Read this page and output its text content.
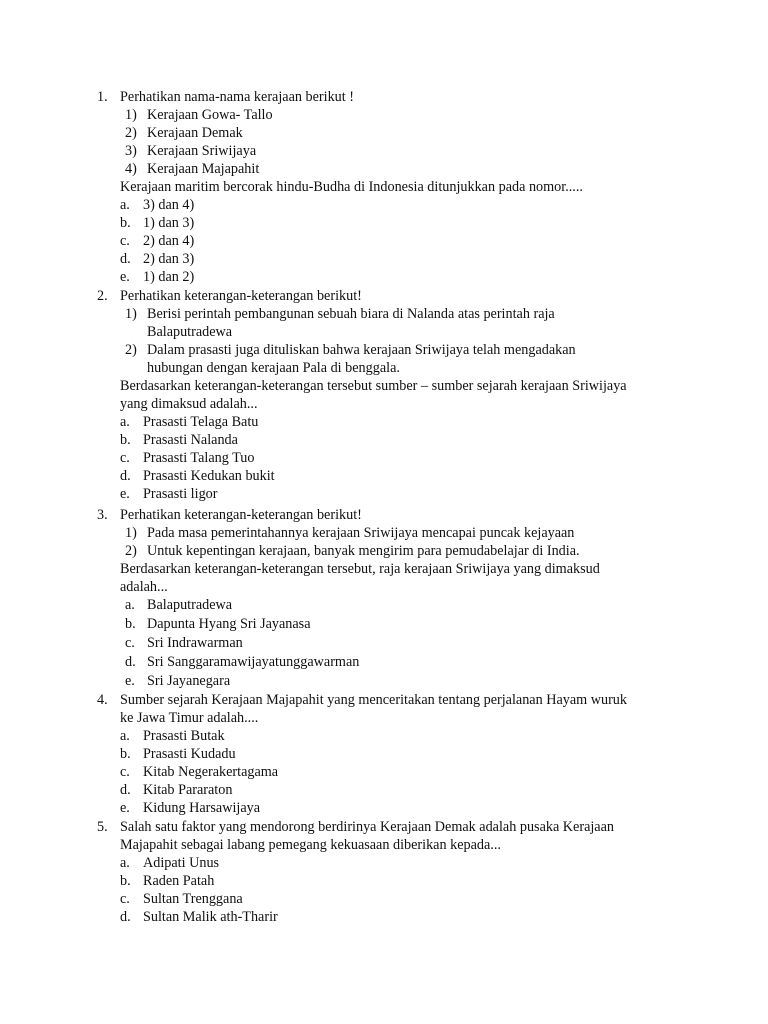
1. Perhatikan nama-nama kerajaan berikut !
1) Kerajaan Gowa- Tallo
2) Kerajaan Demak
3) Kerajaan Sriwijaya
4) Kerajaan Majapahit
Kerajaan maritim bercorak hindu-Budha di Indonesia ditunjukkan pada nomor.....
a. 3) dan 4)
b. 1) dan 3)
c. 2) dan 4)
d. 2) dan 3)
e. 1) dan 2)
2. Perhatikan keterangan-keterangan berikut!
1) Berisi perintah pembangunan sebuah biara di Nalanda atas perintah raja
Balaputradewa
2) Dalam prasasti juga dituliskan bahwa kerajaan Sriwijaya telah mengadakan
hubungan dengan kerajaan Pala di benggala.
Berdasarkan keterangan-keterangan tersebut sumber – sumber sejarah kerajaan Sriwijaya
yang dimaksud adalah...
a. Prasasti Telaga Batu
b. Prasasti Nalanda
c. Prasasti Talang Tuo
d. Prasasti Kedukan bukit
e. Prasasti ligor
3. Perhatikan keterangan-keterangan berikut!
1) Pada masa pemerintahannya kerajaan Sriwijaya mencapai puncak kejayaan
2) Untuk kepentingan kerajaan, banyak mengirim para pemudabelajar di India.
Berdasarkan keterangan-keterangan tersebut, raja kerajaan Sriwijaya yang dimaksud
adalah...
a. Balaputradewa
b. Dapunta Hyang Sri Jayanasa
c. Sri Indrawarman
d. Sri Sanggaramawijayatunggawarman
e. Sri Jayanegara
4. Sumber sejarah Kerajaan Majapahit yang menceritakan tentang perjalanan Hayam wuruk
ke Jawa Timur adalah....
a. Prasasti Butak
b. Prasasti Kudadu
c. Kitab Negerakertagama
d. Kitab Pararaton
e. Kidung Harsawijaya
5. Salah satu faktor yang mendorong berdirinya Kerajaan Demak adalah pusaka Kerajaan
Majapahit sebagai labang pemegang kekuasaan diberikan kepada...
a. Adipati Unus
b. Raden Patah
c. Sultan Trenggana
d. Sultan Malik ath-Tharir
